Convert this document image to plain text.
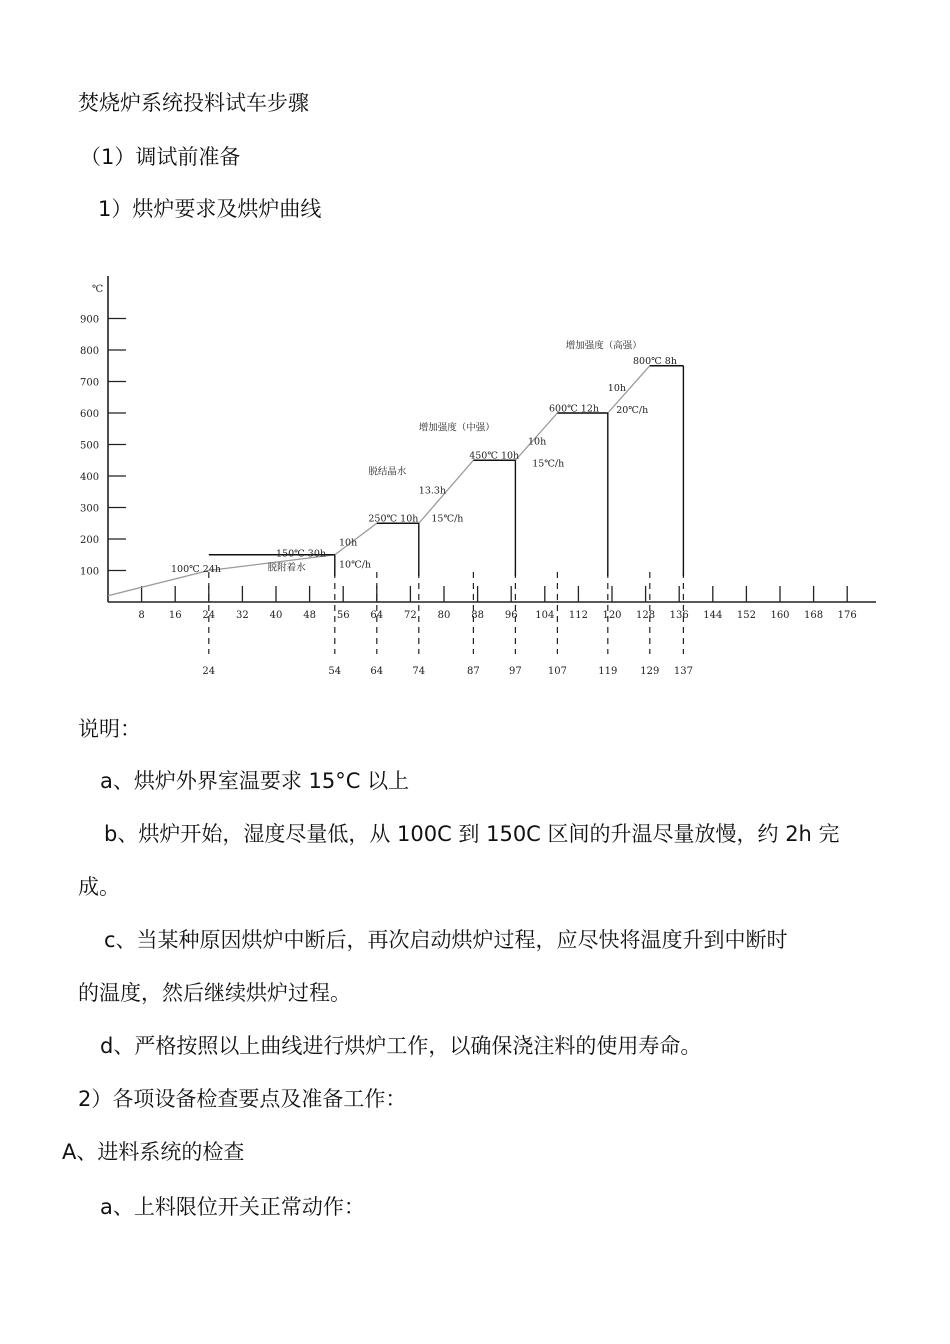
焚烧炉系统投料试车步骤
（1）调试前准备
1）烘炉要求及烘炉曲线
℃
100
200
300
400
500
600
700
800
900
8 16 24 32 40 48 56 64 72 80 88 96 104 112 120 128 136 144 152 160 168 176
24	54	64	74	87	97	107	119 129 137
100℃ 24h
150℃ 30h
脱附着水
10h
10℃/h
250℃ 10h
脱结晶水
13.3h
15℃/h
450℃ 10h
增加强度（中强）
10h
15℃/h
600℃ 12h
10h
20℃/h
800℃ 8h
增加强度（高强）
说明：
a、烘炉外界室温要求 15°C 以上
b、烘炉开始，湿度尽量低，从 100C 到 150C 区间的升温尽量放慢，约 2h 完
成。
c、当某种原因烘炉中断后，再次启动烘炉过程，应尽快将温度升到中断时
的温度，然后继续烘炉过程。
d、严格按照以上曲线进行烘炉工作，以确保浇注料的使用寿命。
2）各项设备检查要点及准备工作：
A、进料系统的检查
a、上料限位开关正常动作：
